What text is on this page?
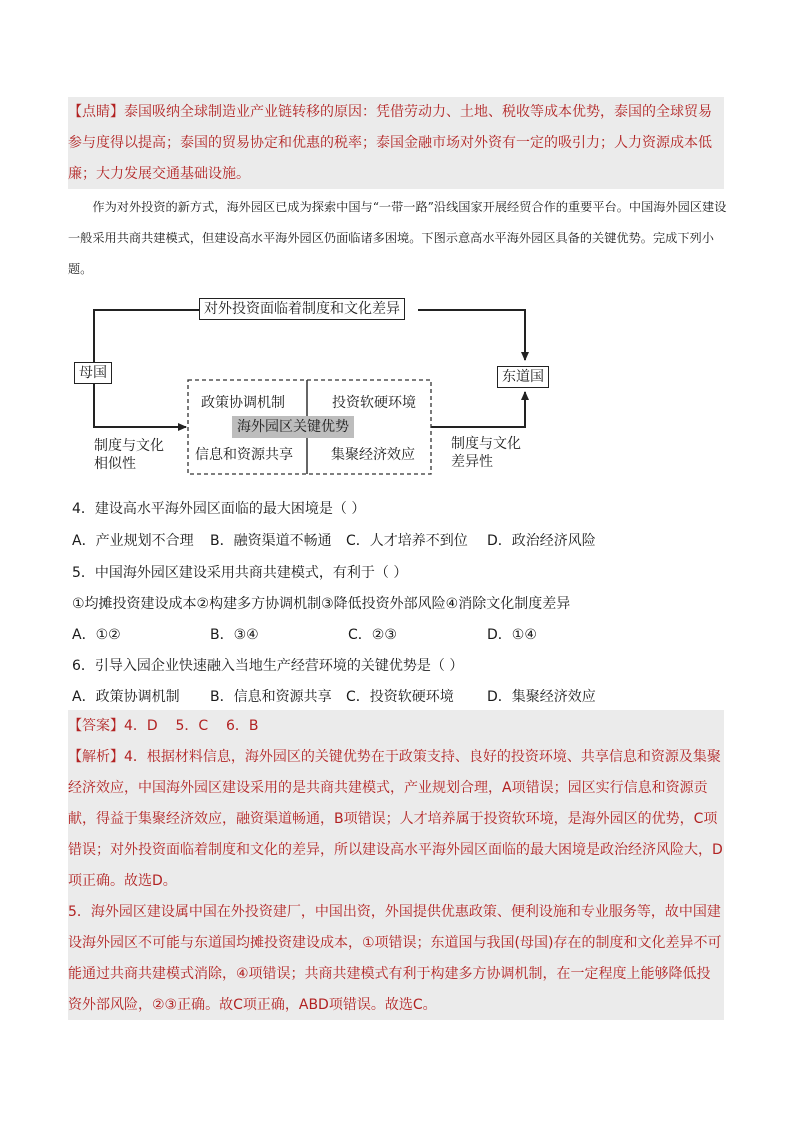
【点睛】泰国吸纳全球制造业产业链转移的原因：凭借劳动力、土地、税收等成本优势，泰国的全球贸易参与度得以提高；泰国的贸易协定和优惠的税率；泰国金融市场对外资有一定的吸引力；人力资源成本低廉；大力发展交通基础设施。
作为对外投资的新方式，海外园区已成为探索中国与“一带一路”沿线国家开展经贸合作的重要平台。中国海外园区建设一般采用共商共建模式，但建设高水平海外园区仍面临诸多困境。下图示意高水平海外园区具备的关键优势。完成下列小题。
对外投资面临着制度和文化差异
母国	东道国
政策协调机制	投资软硬环境
信息和资源共享	集聚经济效应
海外园区关键优势
制度与文化
相似性
制度与文化
差异性
4．建设高水平海外园区面临的最大困境是（ ）
A．产业规划不合理 B．融资渠道不畅通 C．人才培养不到位 D．政治经济风险
5．中国海外园区建设采用共商共建模式，有利于（ ）
①均摊投资建设成本②构建多方协调机制③降低投资外部风险④消除文化制度差异
A．①②	B．③④	C．②③	D．①④
6．引导入园企业快速融入当地生产经营环境的关键优势是（ ）
A．政策协调机制 B．信息和资源共享 C．投资软硬环境 D．集聚经济效应
【答案】4．D    5．C    6．B
【解析】4．根据材料信息，海外园区的关键优势在于政策支持、良好的投资环境、共享信息和资源及集聚经济效应，中国海外园区建设采用的是共商共建模式，产业规划合理，A项错误；园区实行信息和资源贡献，得益于集聚经济效应，融资渠道畅通，B项错误；人才培养属于投资软环境，是海外园区的优势，C项错误；对外投资面临着制度和文化的差异，所以建设高水平海外园区面临的最大困境是政治经济风险大，D项正确。故选D。
5．海外园区建设属中国在外投资建厂，中国出资，外国提供优惠政策、便利设施和专业服务等，故中国建设海外园区不可能与东道国均摊投资建设成本，①项错误；东道国与我国(母国)存在的制度和文化差异不可能通过共商共建模式消除，④项错误；共商共建模式有利于构建多方协调机制，在一定程度上能够降低投资外部风险，②③正确。故C项正确，ABD项错误。故选C。
